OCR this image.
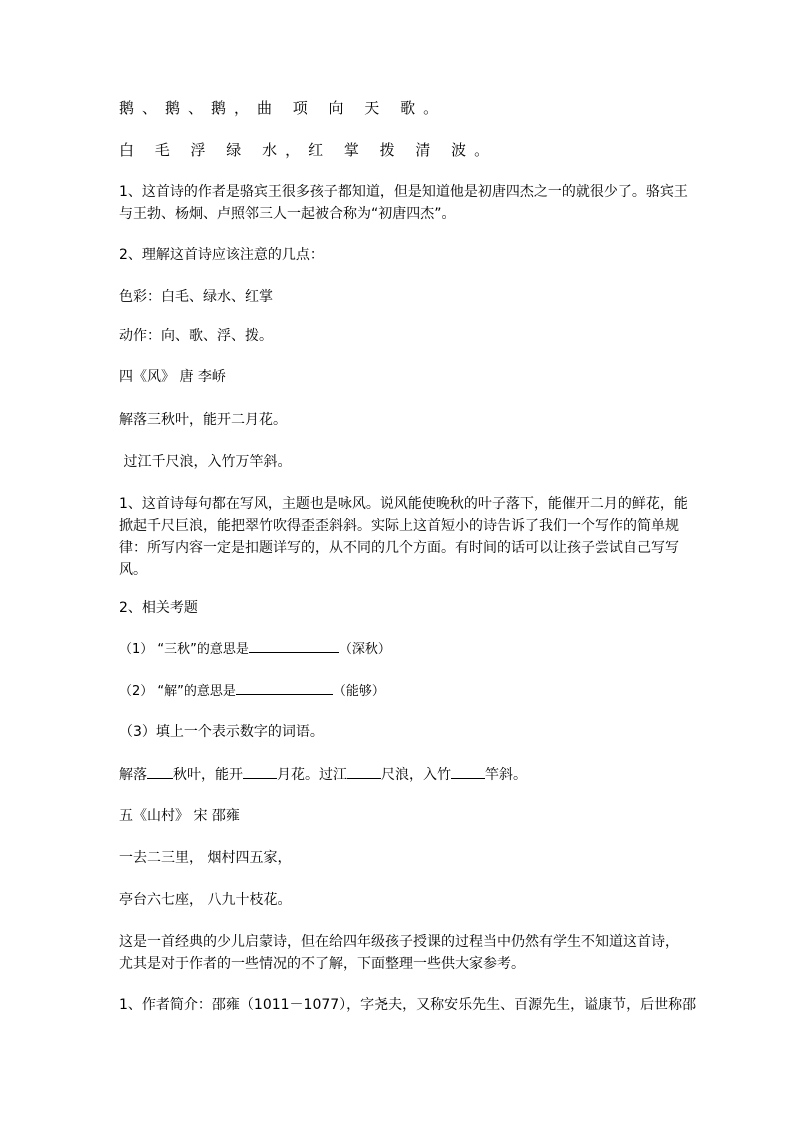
鹅、鹅、鹅，曲 项 向 天 歌。
白 毛 浮 绿 水，红 掌 拨 清 波。
1、这首诗的作者是骆宾王很多孩子都知道，但是知道他是初唐四杰之一的就很少了。骆宾王与王勃、杨炯、卢照邻三人一起被合称为“初唐四杰”。
2、理解这首诗应该注意的几点：
色彩：白毛、绿水、红掌
动作：向、歌、浮、拨。
四《风》 唐 李峤
解落三秋叶，能开二月花。
过江千尺浪，入竹万竿斜。
1、这首诗每句都在写风，主题也是咏风。说风能使晚秋的叶子落下，能催开二月的鲜花，能掀起千尺巨浪，能把翠竹吹得歪歪斜斜。实际上这首短小的诗告诉了我们一个写作的简单规律：所写内容一定是扣题详写的，从不同的几个方面。有时间的话可以让孩子尝试自己写写风。
2、相关考题
（1） “三秋”的意思是	（深秋）
（2） “解”的意思是	（能够）
（3）填上一个表示数字的词语。
解落 秋叶，能开 月花。过江 尺浪，入竹 竿斜。
五《山村》 宋 邵雍
一去二三里， 烟村四五家，
亭台六七座， 八九十枝花。
这是一首经典的少儿启蒙诗，但在给四年级孩子授课的过程当中仍然有学生不知道这首诗，尤其是对于作者的一些情况的不了解，下面整理一些供大家参考。
1、作者简介：邵雍（1011－1077），字尧夫，又称安乐先生、百源先生，谥康节，后世称邵
